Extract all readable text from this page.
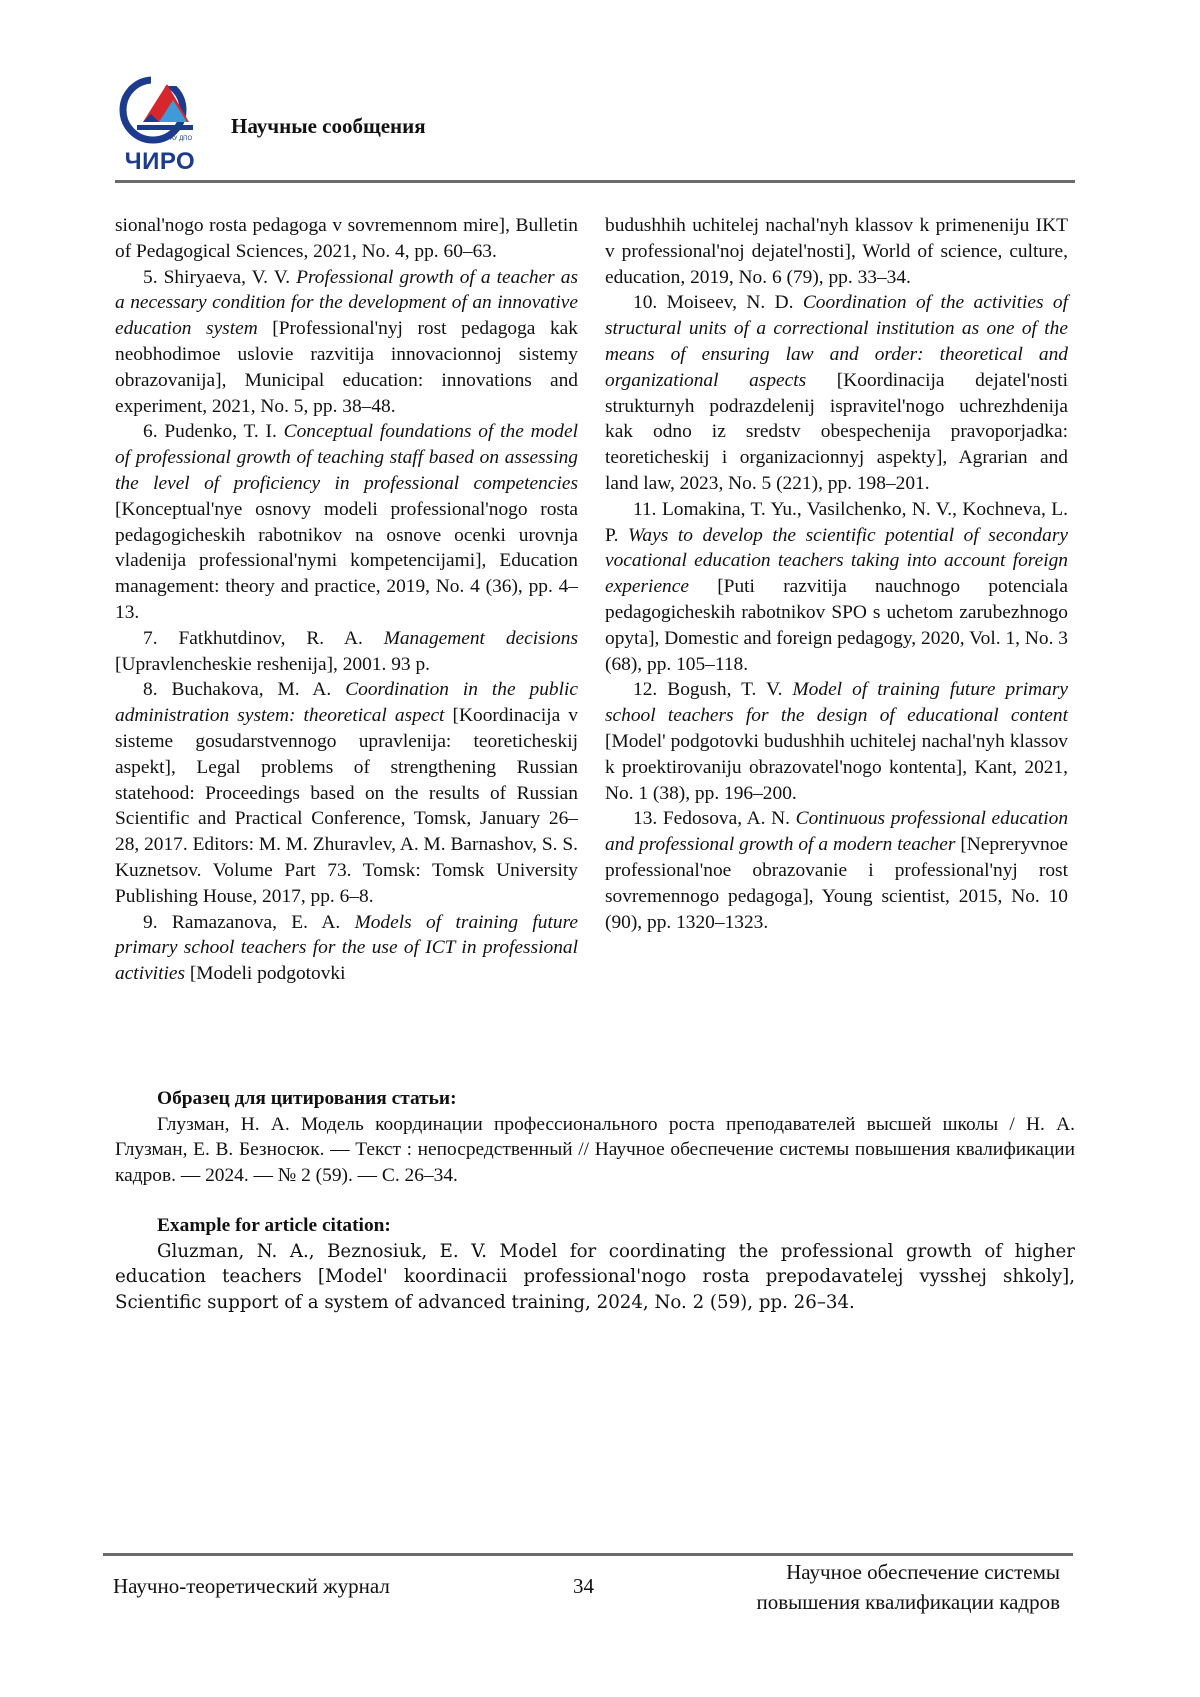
ГАУ ДПО
ЧИРО
Научные сообщения

sional'nogo rosta pedagoga v sovremennom mire], Bulletin of Pedagogical Sciences, 2021, No. 4, pp. 60–63.

5. Shiryaeva, V. V. Professional growth of a teacher as a necessary condition for the development of an innovative education system [Professional'nyj rost pedagoga kak neobhodimoe uslovie razvitija innovacionnoj sistemy obrazovanija], Municipal education: innovations and experiment, 2021, No. 5, pp. 38–48.

6. Pudenko, T. I. Conceptual foundations of the model of professional growth of teaching staff based on assessing the level of proficiency in professional competencies [Konceptual'nye osnovy modeli professional'nogo rosta pedagogicheskih rabotnikov na osnove ocenki urovnja vladenija professional'nymi kompetencijami], Education management: theory and practice, 2019, No. 4 (36), pp. 4–13.

7. Fatkhutdinov, R. A. Management decisions [Upravlencheskie reshenija], 2001. 93 p.

8. Buchakova, M. A. Coordination in the public administration system: theoretical aspect [Koordinacija v sisteme gosudarstvennogo upravlenija: teoreticheskij aspekt], Legal problems of strengthening Russian statehood: Proceedings based on the results of Russian Scientific and Practical Conference, Tomsk, January 26–28, 2017. Editors: M. M. Zhuravlev, A. M. Barnashov, S. S. Kuznetsov. Volume Part 73. Tomsk: Tomsk University Publishing House, 2017, pp. 6–8.

9. Ramazanova, E. A. Models of training future primary school teachers for the use of ICT in professional activities [Modeli podgotovki

budushhih uchitelej nachal'nyh klassov k primeneniju IKT v professional'noj dejatel'nosti], World of science, culture, education, 2019, No. 6 (79), pp. 33–34.

10. Moiseev, N. D. Coordination of the activities of structural units of a correctional institution as one of the means of ensuring law and order: theoretical and organizational aspects [Koordinacija dejatel'nosti strukturnyh podrazdelenij ispravitel'nogo uchrezhdenija kak odno iz sredstv obespechenija pravoporjadka: teoreticheskij i organizacionnyj aspekty], Agrarian and land law, 2023, No. 5 (221), pp. 198–201.

11. Lomakina, T. Yu., Vasilchenko, N. V., Kochneva, L. P. Ways to develop the scientific potential of secondary vocational education teachers taking into account foreign experience [Puti razvitija nauchnogo potenciala pedagogicheskih rabotnikov SPO s uchetom zarubezhnogo opyta], Domestic and foreign pedagogy, 2020, Vol. 1, No. 3 (68), pp. 105–118.

12. Bogush, T. V. Model of training future primary school teachers for the design of educational content [Model' podgotovki budushhih uchitelej nachal'nyh klassov k proektirovaniju obrazovatel'nogo kontenta], Kant, 2021, No. 1 (38), pp. 196–200.

13. Fedosova, A. N. Continuous professional education and professional growth of a modern teacher [Nepreryvnoe professional'noe obrazovanie i professional'nyj rost sovremennogo pedagoga], Young scientist, 2015, No. 10 (90), pp. 1320–1323.

Образец для цитирования статьи:

Глузман, Н. А. Модель координации профессионального роста преподавателей высшей школы / Н. А. Глузман, Е. В. Безносюк. — Текст : непосредственный // Научное обеспечение системы повышения квалификации кадров. — 2024. — № 2 (59). — С. 26–34.

Example for article citation:

Gluzman, N. A., Beznosiuk, E. V. Model for coordinating the professional growth of higher education teachers [Model' koordinacii professional'nogo rosta prepodavatelej vysshej shkoly], Scientific support of a system of advanced training, 2024, No. 2 (59), pp. 26–34.

Научно-теоретический журнал	34
Научное обеспечение системы
повышения квалификации кадров
